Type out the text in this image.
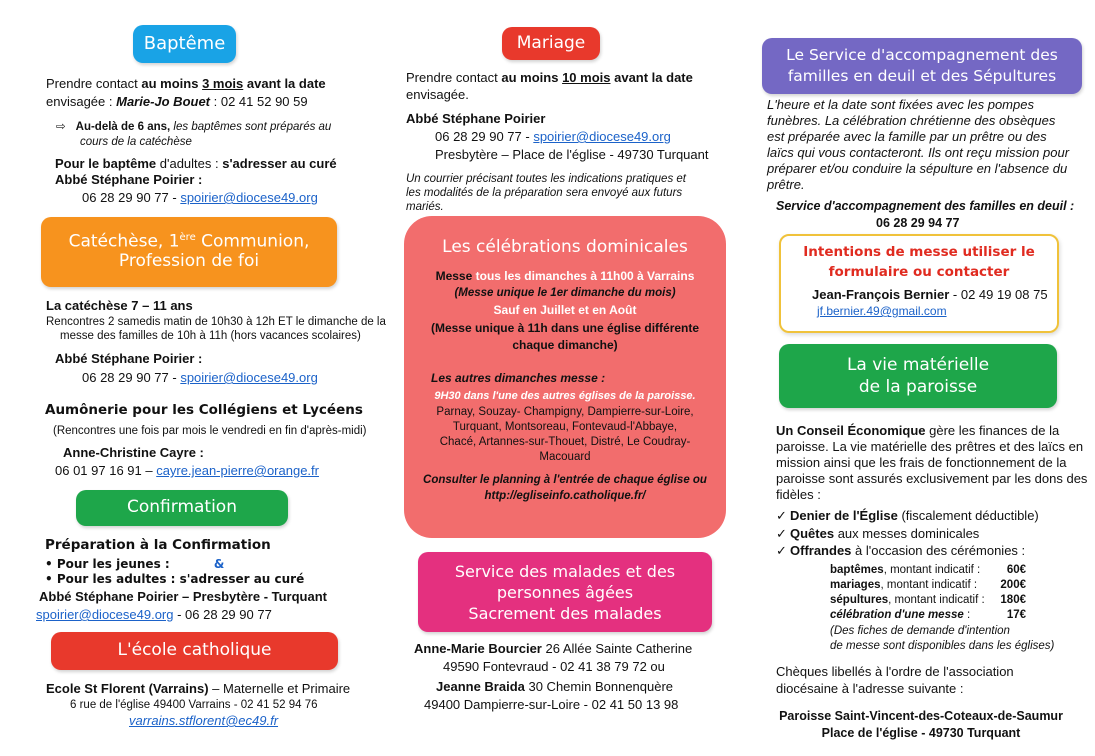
Baptême
Prendre contact au moins 3 mois avant la date
envisagée : Marie-Jo Bouet : 02 41 52 90 59
⇨ Au-delà de 6 ans, les baptêmes sont préparés au
cours de la catéchèse
Pour le baptême d'adultes : s'adresser au curé
Abbé Stéphane Poirier :
06 28 29 90 77 - spoirier@diocese49.org
Catéchèse, 1ère Communion,
Profession de foi
La catéchèse 7 – 11 ans
Rencontres 2 samedis matin de 10h30 à 12h ET le dimanche de la
messe des familles de 10h à 11h (hors vacances scolaires)
Abbé Stéphane Poirier :
06 28 29 90 77 - spoirier@diocese49.org
Aumônerie pour les Collégiens et Lycéens
(Rencontres une fois par mois le vendredi en fin d'après-midi)
Anne-Christine Cayre :
06 01 97 16 91 – cayre.jean-pierre@orange.fr
Confirmation
Préparation à la Confirmation
• Pour les jeunes :	&
• Pour les adultes : s'adresser au curé
Abbé Stéphane Poirier – Presbytère - Turquant
spoirier@diocese49.org - 06 28 29 90 77
L'école catholique
Ecole St Florent (Varrains) – Maternelle et Primaire
6 rue de l'église 49400 Varrains - 02 41 52 94 76
varrains.stflorent@ec49.fr
Mariage
Prendre contact au moins 10 mois avant la date
envisagée.
Abbé Stéphane Poirier
06 28 29 90 77 - spoirier@diocese49.org
Presbytère – Place de l'église - 49730 Turquant
Un courrier précisant toutes les indications pratiques et
les modalités de la préparation sera envoyé aux futurs
mariés.
Les célébrations dominicales
Messe tous les dimanches à 11h00 à Varrains
(Messe unique le 1er dimanche du mois)
Sauf en Juillet et en Août
(Messe unique à 11h dans une église différente
chaque dimanche)
Les autres dimanches messe :
9H30 dans l'une des autres églises de la paroisse.
Parnay, Souzay- Champigny, Dampierre-sur-Loire,
Turquant, Montsoreau, Fontevaud-l'Abbaye,
Chacé, Artannes-sur-Thouet, Distré, Le Coudray-
Macouard
Consulter le planning à l'entrée de chaque église ou
http://egliseinfo.catholique.fr/
Service des malades et des
personnes âgées
Sacrement des malades
Anne-Marie Bourcier 26 Allée Sainte Catherine
49590 Fontevraud - 02 41 38 79 72 ou
Jeanne Braida 30 Chemin Bonnenquère
49400 Dampierre-sur-Loire - 02 41 50 13 98
Le Service d'accompagnement des
familles en deuil et des Sépultures
L'heure et la date sont fixées avec les pompes
funèbres. La célébration chrétienne des obsèques
est préparée avec la famille par un prêtre ou des
laïcs qui vous contacteront. Ils ont reçu mission pour
préparer et/ou conduire la sépulture en l'absence du
prêtre.
Service d'accompagnement des familles en deuil :
06 28 29 94 77
Intentions de messe utiliser le
formulaire ou contacter
Jean-François Bernier - 02 49 19 08 75
jf.bernier.49@gmail.com
La vie matérielle
de la paroisse
Un Conseil Économique gère les finances de la
paroisse. La vie matérielle des prêtres et des laïcs en
mission ainsi que les frais de fonctionnement de la
paroisse sont assurés exclusivement par les dons des
fidèles :
✓ Denier de l'Église (fiscalement déductible)
✓ Quêtes aux messes dominicales
✓ Offrandes à l'occasion des cérémonies :
baptêmes, montant indicatif :	60€
mariages, montant indicatif :	200€
sépultures, montant indicatif :	180€
célébration d'une messe :	17€
(Des fiches de demande d'intention
de messe sont disponibles dans les églises)
Chèques libellés à l'ordre de l'association
diocésaine à l'adresse suivante :
Paroisse Saint-Vincent-des-Coteaux-de-Saumur
Place de l'église - 49730 Turquant
